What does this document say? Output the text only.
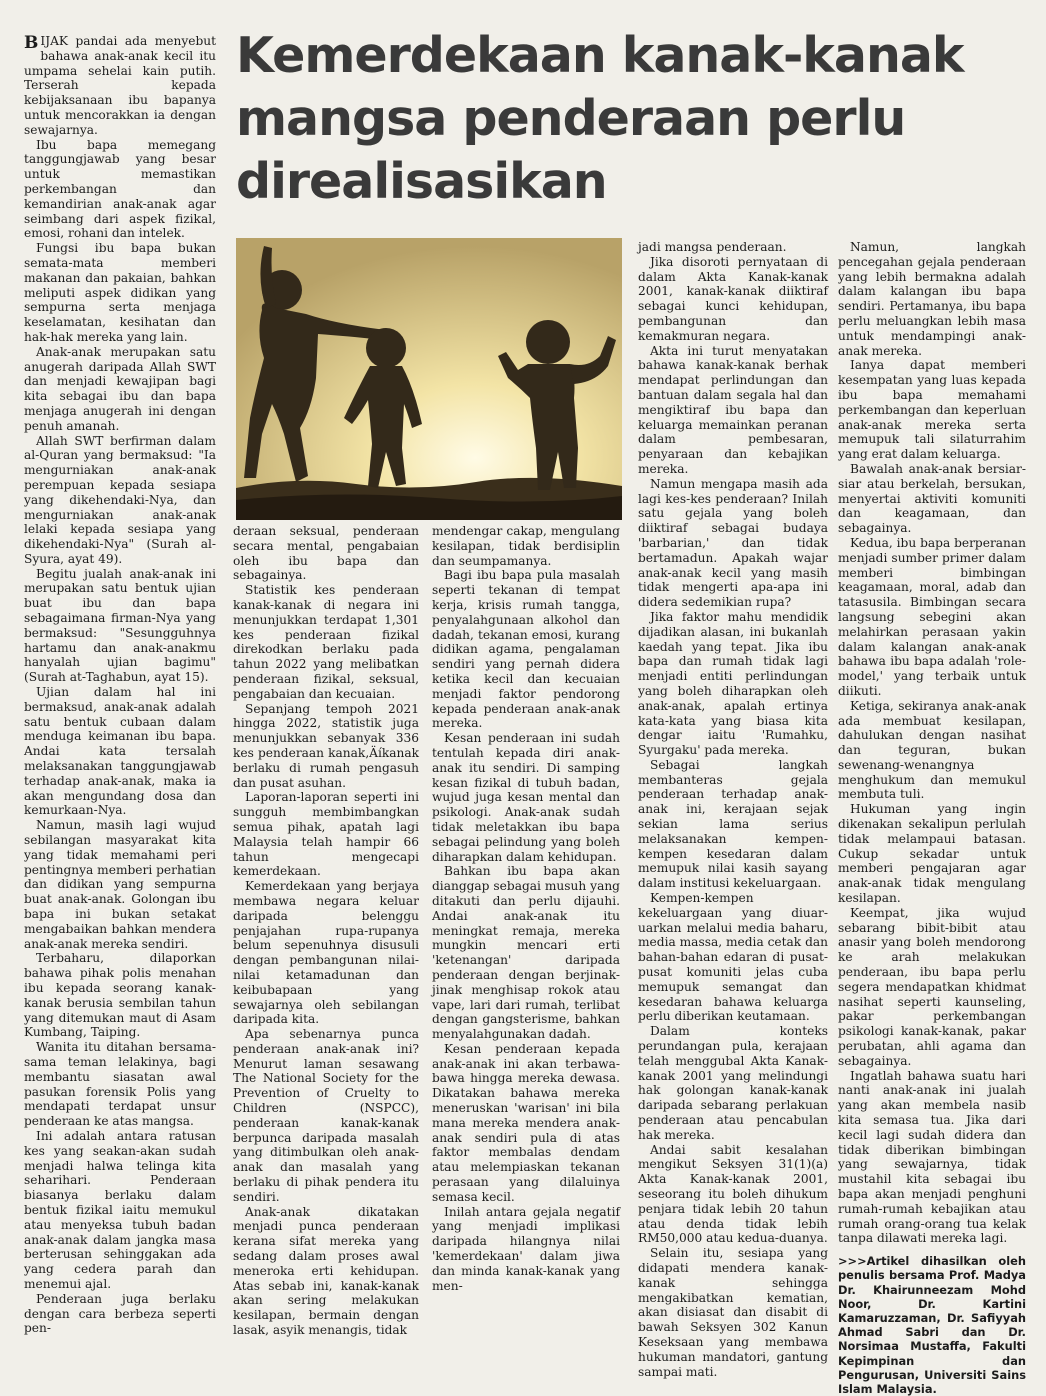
Kemerdekaan kanak-kanak mangsa penderaan perlu direalisasikan

B IJAK pandai ada menyebut bahawa anak-anak kecil itu umpama sehelai kain putih. Terserah kepada kebijaksanaan ibu bapanya untuk mencorakkan ia dengan sewajarnya.

Ibu bapa memegang tanggungjawab yang besar untuk memastikan perkembangan dan kemandirian anak-anak agar seimbang dari aspek fizikal, emosi, rohani dan intelek.

Fungsi ibu bapa bukan semata-mata memberi makanan dan pakaian, bahkan meliputi aspek didikan yang sempurna serta menjaga keselamatan, kesihatan dan hak-hak mereka yang lain.

Anak-anak merupakan satu anugerah daripada Allah SWT dan menjadi kewajipan bagi kita sebagai ibu dan bapa menjaga anugerah ini dengan penuh amanah.

Allah SWT berfirman dalam al-Quran yang bermaksud: "Ia mengurniakan anak-anak perempuan kepada sesiapa yang dikehendaki-Nya, dan mengurniakan anak-anak lelaki kepada sesiapa yang dikehendaki-Nya" (Surah al-Syura, ayat 49).

Begitu jualah anak-anak ini merupakan satu bentuk ujian buat ibu dan bapa sebagaimana firman-Nya yang bermaksud: "Sesungguhnya hartamu dan anak-anakmu hanyalah ujian bagimu" (Surah at-Taghabun, ayat 15).

Ujian dalam hal ini bermaksud, anak-anak adalah satu bentuk cubaan dalam menduga keimanan ibu bapa. Andai kata tersalah melaksanakan tanggungjawab terhadap anak-anak, maka ia akan mengundang dosa dan kemurkaan-Nya.

Namun, masih lagi wujud sebilangan masyarakat kita yang tidak memahami peri pentingnya memberi perhatian dan didikan yang sempurna buat anak-anak. Golongan ibu bapa ini bukan setakat mengabaikan bahkan mendera anak-anak mereka sendiri.

Terbaharu, dilaporkan bahawa pihak polis menahan ibu kepada seorang kanak-kanak berusia sembilan tahun yang ditemukan maut di Asam Kumbang, Taiping.

Wanita itu ditahan bersama-sama teman lelakinya, bagi membantu siasatan awal pasukan forensik Polis yang mendapati terdapat unsur penderaan ke atas mangsa.

Ini adalah antara ratusan kes yang seakan-akan sudah menjadi halwa telinga kita seharihari. Penderaan biasanya berlaku dalam bentuk fizikal iaitu memukul atau menyeksa tubuh badan anak-anak dalam jangka masa berterusan sehinggakan ada yang cedera parah dan menemui ajal.

Penderaan juga berlaku dengan cara berbeza seperti pen-

deraan seksual, penderaan secara mental, pengabaian oleh ibu bapa dan sebagainya.

Statistik kes penderaan kanak-kanak di negara ini menunjukkan terdapat 1,301 kes penderaan fizikal direkodkan berlaku pada tahun 2022 yang melibatkan penderaan fizikal, seksual, pengabaian dan kecuaian.

Sepanjang tempoh 2021 hingga 2022, statistik juga menunjukkan sebanyak 336 kes penderaan kanak‚Äíkanak berlaku di rumah pengasuh dan pusat asuhan.

Laporan-laporan seperti ini sungguh membimbangkan semua pihak, apatah lagi Malaysia telah hampir 66 tahun mengecapi kemerdekaan.

Kemerdekaan yang berjaya membawa negara keluar daripada belenggu penjajahan rupa-rupanya belum sepenuhnya disusuli dengan pembangunan nilai-nilai ketamadunan dan keibubapaan yang sewajarnya oleh sebilangan daripada kita.

Apa sebenarnya punca penderaan anak-anak ini? Menurut laman sesawang The National Society for the Prevention of Cruelty to Children (NSPCC), penderaan kanak-kanak berpunca daripada masalah yang ditimbulkan oleh anak-anak dan masalah yang berlaku di pihak pendera itu sendiri.

Anak-anak dikatakan menjadi punca penderaan kerana sifat mereka yang sedang dalam proses awal meneroka erti kehidupan. Atas sebab ini, kanak-kanak akan sering melakukan kesilapan, bermain dengan lasak, asyik menangis, tidak

mendengar cakap, mengulang kesilapan, tidak berdisiplin dan seumpamanya.

Bagi ibu bapa pula masalah seperti tekanan di tempat kerja, krisis rumah tangga, penyalahgunaan alkohol dan dadah, tekanan emosi, kurang didikan agama, pengalaman sendiri yang pernah didera ketika kecil dan kecuaian menjadi faktor pendorong kepada penderaan anak-anak mereka.

Kesan penderaan ini sudah tentulah kepada diri anak-anak itu sendiri. Di samping kesan fizikal di tubuh badan, wujud juga kesan mental dan psikologi. Anak-anak sudah tidak meletakkan ibu bapa sebagai pelindung yang boleh diharapkan dalam kehidupan.

Bahkan ibu bapa akan dianggap sebagai musuh yang ditakuti dan perlu dijauhi. Andai anak-anak itu meningkat remaja, mereka mungkin mencari erti 'ketenangan' daripada penderaan dengan berjinak-jinak menghisap rokok atau vape, lari dari rumah, terlibat dengan gangsterisme, bahkan menyalahgunakan dadah.

Kesan penderaan kepada anak-anak ini akan terbawa-bawa hingga mereka dewasa. Dikatakan bahawa mereka meneruskan 'warisan' ini bila mana mereka mendera anak-anak sendiri pula di atas faktor membalas dendam atau melempiaskan tekanan perasaan yang dilaluinya semasa kecil.

Inilah antara gejala negatif yang menjadi implikasi daripada hilangnya nilai 'kemerdekaan' dalam jiwa dan minda kanak-kanak yang men-

jadi mangsa penderaan.

Jika disoroti pernyataan di dalam Akta Kanak-kanak 2001, kanak-kanak diiktiraf sebagai kunci kehidupan, pembangunan dan kemakmuran negara.

Akta ini turut menyatakan bahawa kanak-kanak berhak mendapat perlindungan dan bantuan dalam segala hal dan mengiktiraf ibu bapa dan keluarga memainkan peranan dalam pembesaran, penyaraan dan kebajikan mereka.

Namun mengapa masih ada lagi kes-kes penderaan? Inilah satu gejala yang boleh diiktiraf sebagai budaya 'barbarian,' dan tidak bertamadun. Apakah wajar anak-anak kecil yang masih tidak mengerti apa-apa ini didera sedemikian rupa?

Jika faktor mahu mendidik dijadikan alasan, ini bukanlah kaedah yang tepat. Jika ibu bapa dan rumah tidak lagi menjadi entiti perlindungan yang boleh diharapkan oleh anak-anak, apalah ertinya kata-kata yang biasa kita dengar iaitu 'Rumahku, Syurgaku' pada mereka.

Sebagai langkah membanteras gejala penderaan terhadap anak-anak ini, kerajaan sejak sekian lama serius melaksanakan kempen-kempen kesedaran dalam memupuk nilai kasih sayang dalam institusi kekeluargaan.

Kempen-kempen kekeluargaan yang diuar-uarkan melalui media baharu, media massa, media cetak dan bahan-bahan edaran di pusat-pusat komuniti jelas cuba memupuk semangat dan kesedaran bahawa keluarga perlu diberikan keutamaan.

Dalam konteks perundangan pula, kerajaan telah menggubal Akta Kanak-kanak 2001 yang melindungi hak golongan kanak-kanak daripada sebarang perlakuan penderaan atau pencabulan hak mereka.

Andai sabit kesalahan mengikut Seksyen 31(1)(a) Akta Kanak-kanak 2001, seseorang itu boleh dihukum penjara tidak lebih 20 tahun atau denda tidak lebih RM50,000 atau kedua-duanya.

Selain itu, sesiapa yang didapati mendera kanak-kanak sehingga mengakibatkan kematian, akan disiasat dan disabit di bawah Seksyen 302 Kanun Keseksaan yang membawa hukuman mandatori, gantung sampai mati.

Namun, langkah pencegahan gejala penderaan yang lebih bermakna adalah dalam kalangan ibu bapa sendiri. Pertamanya, ibu bapa perlu meluangkan lebih masa untuk mendampingi anak-anak mereka.

Ianya dapat memberi kesempatan yang luas kepada ibu bapa memahami perkembangan dan keperluan anak-anak mereka serta memupuk tali silaturrahim yang erat dalam keluarga.

Bawalah anak-anak bersiar-siar atau berkelah, bersukan, menyertai aktiviti komuniti dan keagamaan, dan sebagainya.

Kedua, ibu bapa berperanan menjadi sumber primer dalam memberi bimbingan keagamaan, moral, adab dan tatasusila. Bimbingan secara langsung sebegini akan melahirkan perasaan yakin dalam kalangan anak-anak bahawa ibu bapa adalah 'role-model,' yang terbaik untuk diikuti.

Ketiga, sekiranya anak-anak ada membuat kesilapan, dahulukan dengan nasihat dan teguran, bukan sewenang-wenangnya menghukum dan memukul membuta tuli.

Hukuman yang ingin dikenakan sekalipun perlulah tidak melampaui batasan. Cukup sekadar untuk memberi pengajaran agar anak-anak tidak mengulang kesilapan.

Keempat, jika wujud sebarang bibit-bibit atau anasir yang boleh mendorong ke arah melakukan penderaan, ibu bapa perlu segera mendapatkan khidmat nasihat seperti kaunseling, pakar perkembangan psikologi kanak-kanak, pakar perubatan, ahli agama dan sebagainya.

Ingatlah bahawa suatu hari nanti anak-anak ini jualah yang akan membela nasib kita semasa tua. Jika dari kecil lagi sudah didera dan tidak diberikan bimbingan yang sewajarnya, tidak mustahil kita sebagai ibu bapa akan menjadi penghuni rumah-rumah kebajikan atau rumah orang-orang tua kelak tanpa dilawati mereka lagi.

>>>Artikel dihasilkan oleh penulis bersama Prof. Madya Dr. Khairunneezam Mohd Noor, Dr. Kartini Kamaruzzaman, Dr. Safiyyah Ahmad Sabri dan Dr. Norsimaa Mustaffa, Fakulti Kepimpinan dan Pengurusan, Universiti Sains Islam Malaysia.
